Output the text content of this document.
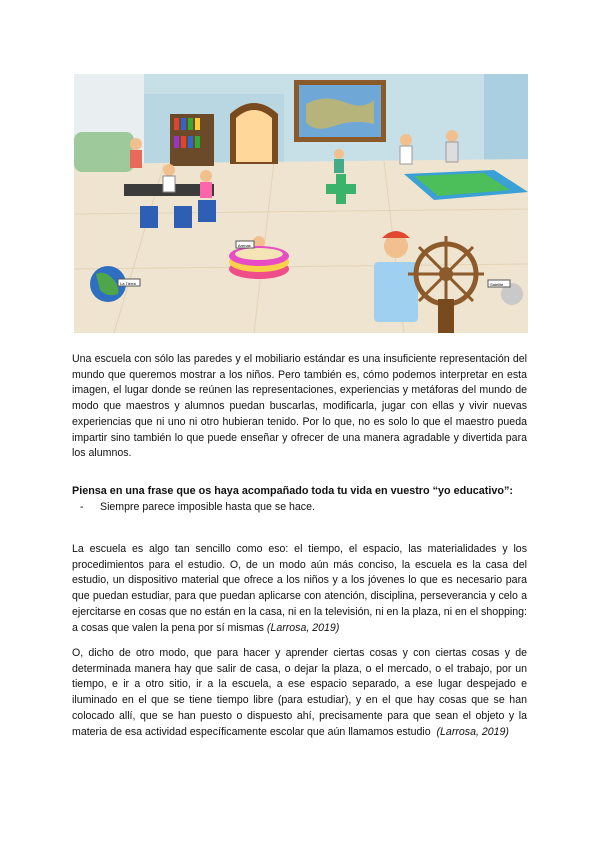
La Tierra
Arenas
Satélite

Una escuela con sólo las paredes y el mobiliario estándar es una insuficiente representación del mundo que queremos mostrar a los niños. Pero también es, cómo podemos interpretar en esta imagen, el lugar donde se reúnen las representaciones, experiencias y metáforas del mundo de modo que maestros y alumnos puedan buscarlas, modificarla, jugar con ellas y vivir nuevas experiencias que ni uno ni otro hubieran tenido. Por lo que, no es solo lo que el maestro pueda impartir sino también lo que puede enseñar y ofrecer de una manera agradable y divertida para los alumnos.

Piensa en una frase que os haya acompañado toda tu vida en vuestro “yo educativo”:

- Siempre parece imposible hasta que se hace.

La escuela es algo tan sencillo como eso: el tiempo, el espacio, las materialidades y los procedimientos para el estudio. O, de un modo aún más conciso, la escuela es la casa del estudio, un dispositivo material que ofrece a los niños y a los jóvenes lo que es necesario para que puedan estudiar, para que puedan aplicarse con atención, disciplina, perseverancia y celo a ejercitarse en cosas que no están en la casa, ni en la televisión, ni en la plaza, ni en el shopping: a cosas que valen la pena por sí mismas (Larrosa, 2019)

O, dicho de otro modo, que para hacer y aprender ciertas cosas y con ciertas cosas y de determinada manera hay que salir de casa, o dejar la plaza, o el mercado, o el trabajo, por un tiempo, e ir a otro sitio, ir a la escuela, a ese espacio separado, a ese lugar despejado e iluminado en el que se tiene tiempo libre (para estudiar), y en el que hay cosas que se han colocado allí, que se han puesto o dispuesto ahí, precisamente para que sean el objeto y la materia de esa actividad específicamente escolar que aún llamamos estudio (Larrosa, 2019)
